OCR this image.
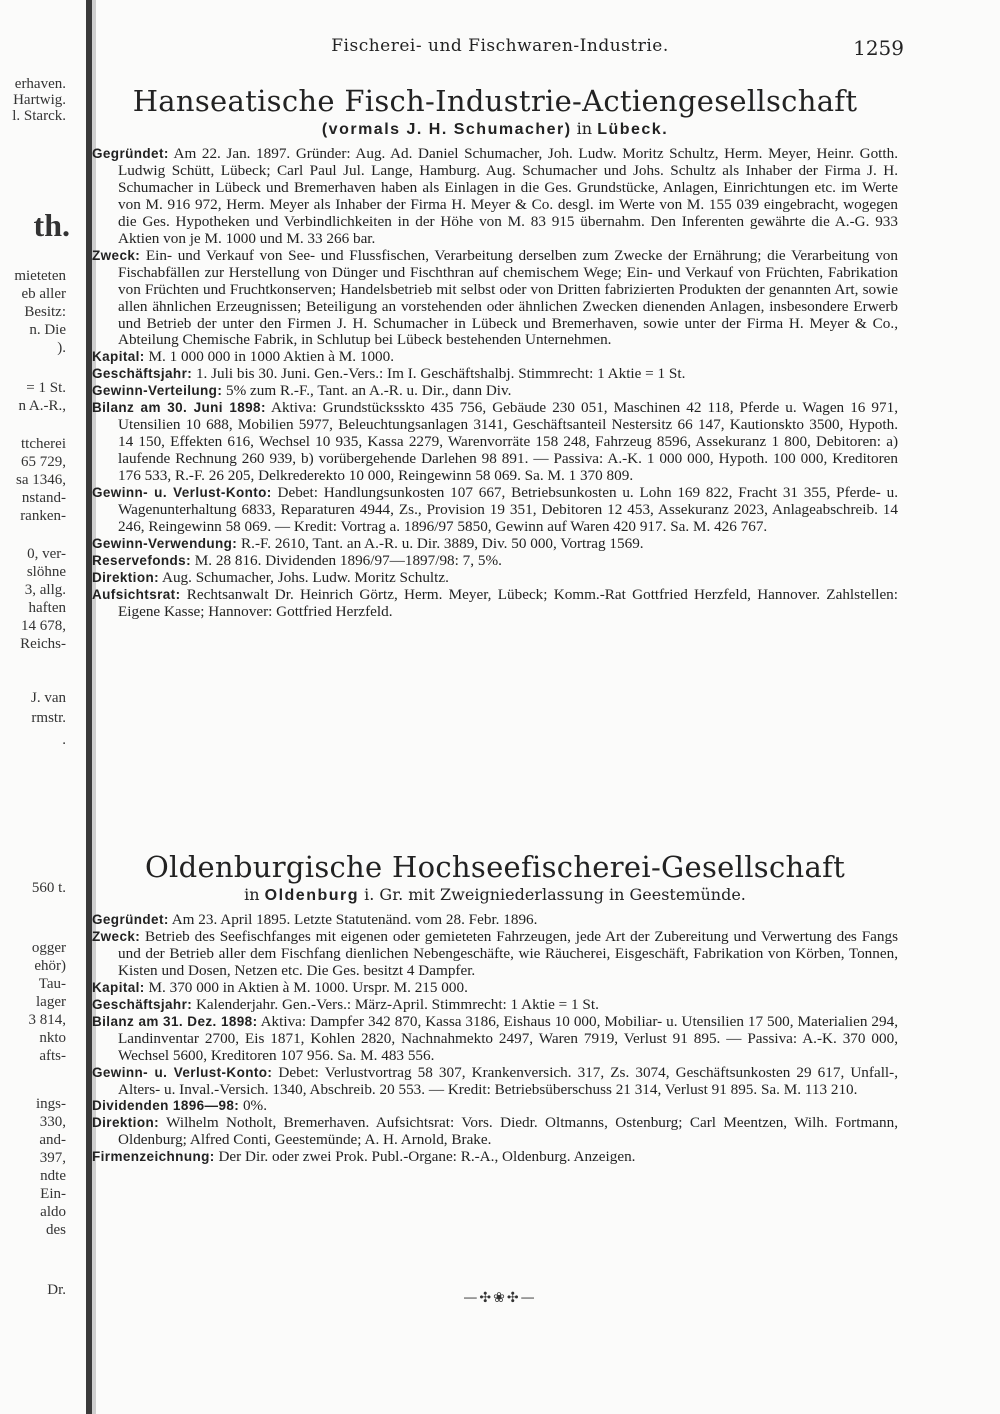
erhaven.
Hartwig.
l. Starck.
th.
mieteten
eb aller
Besitz:
n. Die
).
= 1 St.
n A.-R.,
ttcherei
65 729,
sa 1346,
nstand-
ranken-
0, ver-
slöhne
3, allg.
haften
14 678,
Reichs-
J. van
rmstr.
.
560 t.
ogger
ehör)
Tau-
lager
3 814,
nkto
afts-
ings-
330,
and-
397,
ndte
Ein-
aldo
des
Dr.
Fischerei- und Fischwaren-Industrie.	1259
Hanseatische Fisch-Industrie-Actiengesellschaft
(vormals J. H. Schumacher) in Lübeck.

Gegründet: Am 22. Jan. 1897. Gründer: Aug. Ad. Daniel Schumacher, Joh. Ludw. Moritz Schultz, Herm. Meyer, Heinr. Gotth. Ludwig Schütt, Lübeck; Carl Paul Jul. Lange, Hamburg. Aug. Schumacher und Johs. Schultz als Inhaber der Firma J. H. Schumacher in Lübeck und Bremerhaven haben als Einlagen in die Ges. Grundstücke, Anlagen, Einrichtungen etc. im Werte von M. 916 972, Herm. Meyer als Inhaber der Firma H. Meyer & Co. desgl. im Werte von M. 155 039 eingebracht, wogegen die Ges. Hypotheken und Verbindlichkeiten in der Höhe von M. 83 915 übernahm. Den Inferenten gewährte die A.-G. 933 Aktien von je M. 1000 und M. 33 266 bar.

Zweck: Ein- und Verkauf von See- und Flussfischen, Verarbeitung derselben zum Zwecke der Ernährung; die Verarbeitung von Fischabfällen zur Herstellung von Dünger und Fischthran auf chemischem Wege; Ein- und Verkauf von Früchten, Fabrikation von Früchten und Fruchtkonserven; Handelsbetrieb mit selbst oder von Dritten fabrizierten Produkten der genannten Art, sowie allen ähnlichen Erzeugnissen; Beteiligung an vorstehenden oder ähnlichen Zwecken dienenden Anlagen, insbesondere Erwerb und Betrieb der unter den Firmen J. H. Schumacher in Lübeck und Bremerhaven, sowie unter der Firma H. Meyer & Co., Abteilung Chemische Fabrik, in Schlutup bei Lübeck bestehenden Unternehmen.

Kapital: M. 1 000 000 in 1000 Aktien à M. 1000.

Geschäftsjahr: 1. Juli bis 30. Juni. Gen.-Vers.: Im I. Geschäftshalbj. Stimmrecht: 1 Aktie = 1 St.

Gewinn-Verteilung: 5% zum R.-F., Tant. an A.-R. u. Dir., dann Div.

Bilanz am 30. Juni 1898: Aktiva: Grundstücksskto 435 756, Gebäude 230 051, Maschinen 42 118, Pferde u. Wagen 16 971, Utensilien 10 688, Mobilien 5977, Beleuchtungsanlagen 3141, Geschäftsanteil Nestersitz 66 147, Kautionskto 3500, Hypoth. 14 150, Effekten 616, Wechsel 10 935, Kassa 2279, Warenvorräte 158 248, Fahrzeug 8596, Assekuranz 1 800, Debitoren: a) laufende Rechnung 260 939, b) vorübergehende Darlehen 98 891. — Passiva: A.-K. 1 000 000, Hypoth. 100 000, Kreditoren 176 533, R.-F. 26 205, Delkrederekto 10 000, Reingewinn 58 069. Sa. M. 1 370 809.

Gewinn- u. Verlust-Konto: Debet: Handlungsunkosten 107 667, Betriebsunkosten u. Lohn 169 822, Fracht 31 355, Pferde- u. Wagenunterhaltung 6833, Reparaturen 4944, Zs., Provision 19 351, Debitoren 12 453, Assekuranz 2023, Anlageabschreib. 14 246, Reingewinn 58 069. — Kredit: Vortrag a. 1896/97 5850, Gewinn auf Waren 420 917. Sa. M. 426 767.

Gewinn-Verwendung: R.-F. 2610, Tant. an A.-R. u. Dir. 3889, Div. 50 000, Vortrag 1569.

Reservefonds: M. 28 816. Dividenden 1896/97—1897/98: 7, 5%.

Direktion: Aug. Schumacher, Johs. Ludw. Moritz Schultz.

Aufsichtsrat: Rechtsanwalt Dr. Heinrich Görtz, Herm. Meyer, Lübeck; Komm.-Rat Gottfried Herzfeld, Hannover. Zahlstellen: Eigene Kasse; Hannover: Gottfried Herzfeld.

Oldenburgische Hochseefischerei-Gesellschaft
in Oldenburg i. Gr. mit Zweigniederlassung in Geestemünde.

Gegründet: Am 23. April 1895. Letzte Statutenänd. vom 28. Febr. 1896.

Zweck: Betrieb des Seefischfanges mit eigenen oder gemieteten Fahrzeugen, jede Art der Zubereitung und Verwertung des Fangs und der Betrieb aller dem Fischfang dienlichen Nebengeschäfte, wie Räucherei, Eisgeschäft, Fabrikation von Körben, Tonnen, Kisten und Dosen, Netzen etc. Die Ges. besitzt 4 Dampfer.

Kapital: M. 370 000 in Aktien à M. 1000. Urspr. M. 215 000.

Geschäftsjahr: Kalenderjahr. Gen.-Vers.: März-April. Stimmrecht: 1 Aktie = 1 St.

Bilanz am 31. Dez. 1898: Aktiva: Dampfer 342 870, Kassa 3186, Eishaus 10 000, Mobiliar- u. Utensilien 17 500, Materialien 294, Landinventar 2700, Eis 1871, Kohlen 2820, Nachnahmekto 2497, Waren 7919, Verlust 91 895. — Passiva: A.-K. 370 000, Wechsel 5600, Kreditoren 107 956. Sa. M. 483 556.

Gewinn- u. Verlust-Konto: Debet: Verlustvortrag 58 307, Krankenversich. 317, Zs. 3074, Geschäftsunkosten 29 617, Unfall-, Alters- u. Inval.-Versich. 1340, Abschreib. 20 553. — Kredit: Betriebsüberschuss 21 314, Verlust 91 895. Sa. M. 113 210.

Dividenden 1896—98: 0%.

Direktion: Wilhelm Notholt, Bremerhaven. Aufsichtsrat: Vors. Diedr. Oltmanns, Ostenburg; Carl Meentzen, Wilh. Fortmann, Oldenburg; Alfred Conti, Geestemünde; A. H. Arnold, Brake.

Firmenzeichnung: Der Dir. oder zwei Prok. Publ.-Organe: R.-A., Oldenburg. Anzeigen.

—✣❀✣—
